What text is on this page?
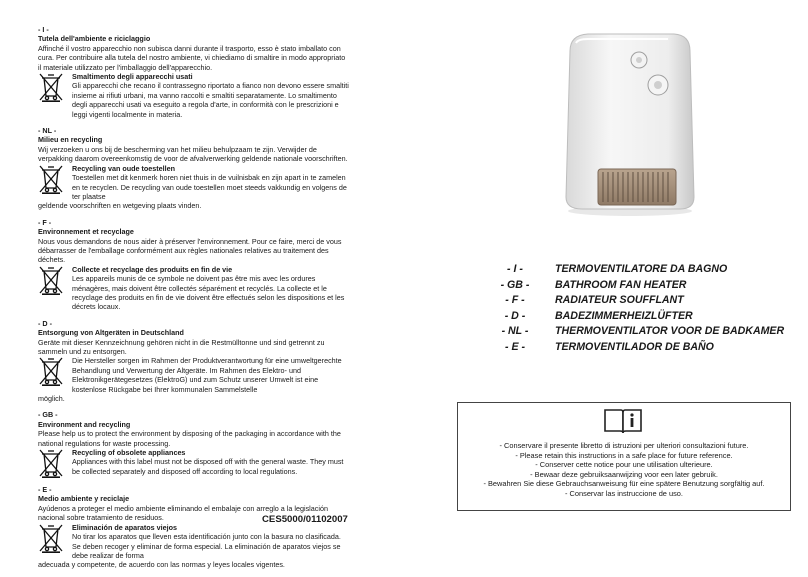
- I -
Tutela dell'ambiente e riciclaggio

Affinché il vostro apparecchio non subisca danni durante il trasporto, esso è stato imballato con cura. Per contribuire alla tutela del nostro ambiente, vi chiediamo di smaltire in modo appropriato il materiale utilizzato per l'imballaggio dell'apparecchio.

Smaltimento degli apparecchi usati
Gli apparecchi che recano il contrassegno riportato a fianco non devono essere smaltiti insieme ai rifiuti urbani, ma vanno raccolti e smaltiti separatamente. Lo smaltimento degli apparecchi usati va eseguito a regola d'arte, in conformità con le prescrizioni e leggi vigenti localmente in materia.
- NL -
Milieu en recycling

Wij verzoeken u ons bij de bescherming van het milieu behulpzaam te zijn. Verwijder de verpakking daarom overeenkomstig de voor de afvalverwerking geldende nationale voorschriften.

Recycling van oude toestellen
Toestellen met dit kenmerk horen niet thuis in de vuilnisbak en zijn apart in te zamelen en te recyclen. De recycling van oude toestellen moet steeds vakkundig en volgens de ter plaatse

geldende voorschriften en wetgeving plaats vinden.

- F -
Environnement et recyclage

Nous vous demandons de nous aider à préserver l'environnement. Pour ce faire, merci de vous débarrasser de l'emballage conformément aux règles nationales relatives au traitement des déchets.

Collecte et recyclage des produits en fin de vie
Les appareils munis de ce symbole ne doivent pas être mis avec les ordures ménagères, mais doivent être collectés séparément et recyclés. La collecte et le recyclage des produits en fin de vie doivent être effectués selon les dispositions et les décrets locaux.
- D -
Entsorgung von Altgeräten in Deutschland

Geräte mit dieser Kennzeichnung gehören nicht in die Restmülltonne und sind getrennt zu sammeln und zu entsorgen.

Die Hersteller sorgen im Rahmen der Produktverantwortung für eine umweltgerechte Behandlung und Verwertung der Altgeräte. Im Rahmen des Elektro- und Elektronikgerätegesetzes (ElektroG) und zum Schutz unserer Umwelt ist eine kostenlose Rückgabe bei Ihrer kommunalen Sammelstelle

möglich.

- GB -
Environment and recycling

Please help us to protect the environment by disposing of the packaging in accordance with the national regulations for waste processing.

Recycling of obsolete appliances
Appliances with this label must not be disposed off with the general waste. They must be collected separately and disposed off according to local regulations.
- E -
Medio ambiente y reciclaje

Ayúdenos a proteger el medio ambiente eliminando el embalaje con arreglo a la legislación nacional sobre tratamiento de residuos.

Eliminación de aparatos viejos
No tirar los aparatos que lleven esta identificación junto con la basura no clasificada. Se deben recoger y eliminar de forma especial. La eliminación de aparatos viejos se debe realizar de forma

adecuada y competente, de acuerdo con las normas y leyes locales vigentes.

CES5000/01102007
- I -	TERMOVENTILATORE DA BAGNO
- GB -	BATHROOM FAN HEATER
- F -	RADIATEUR SOUFFLANT
- D -	BADEZIMMERHEIZLÜFTER
- NL -	THERMOVENTILATOR VOOR DE BADKAMER
- E -	TERMOVENTILADOR DE BAÑO
- Conservare il presente libretto di istruzioni per ulteriori consultazioni future.
- Please retain this instructions in a safe place for future reference.
- Conserver cette notice pour une utilisation ulterieure.
- Bewaar deze gebruiksaanwijzing voor een later gebruik.
- Bewahren Sie diese Gebrauchsanweisung für eine spätere Benutzung sorgfältig auf.
- Conservar las instruccione de uso.
